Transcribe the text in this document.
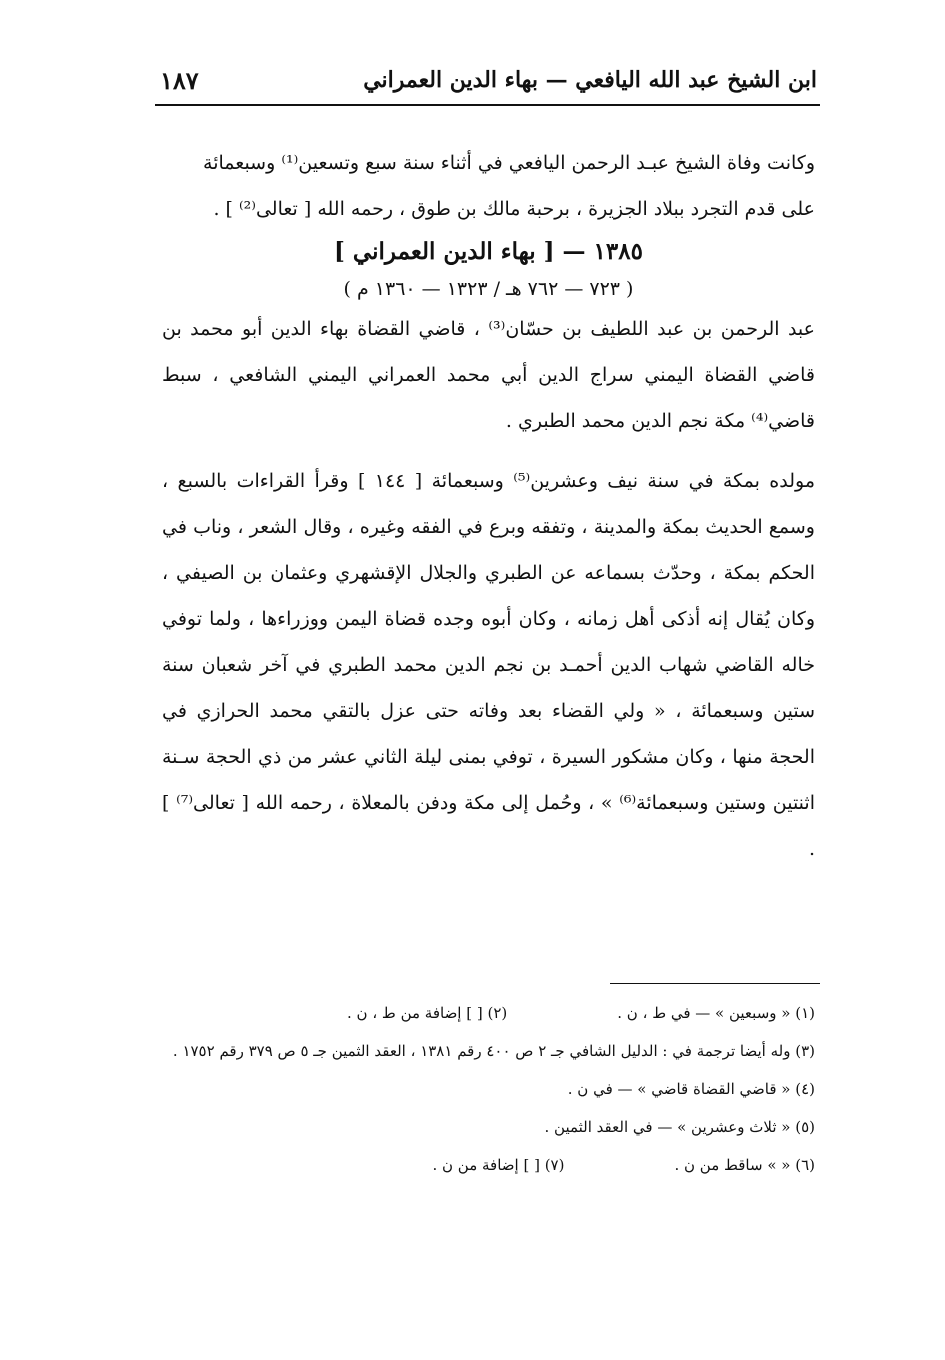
ابن الشيخ عبد الله اليافعي — بهاء الدين العمراني
١٨٧

وكانت وفاة الشيخ عبـد الرحمن اليافعي في أثناء سنة سبع وتسعين⁽¹⁾ وسبعمائة

على قدم التجرد ببلاد الجزيرة ، برحبة مالك بن طوق ، رحمه الله [ تعالى⁽²⁾ ] .

١٣٨٥ — [ بهاء الدين العمراني ]

( ٧٢٣ — ٧٦٢ هـ / ١٣٢٣ — ١٣٦٠ م )

عبد الرحمن بن عبد اللطيف بن حسّان⁽³⁾ ، قاضي القضاة بهاء الدين أبو محمد بن قاضي القضاة اليمني سراج الدين أبي محمد العمراني اليمني الشافعي ، سبط قاضي⁽⁴⁾ مكة نجم الدين محمد الطبري .

مولده بمكة في سنة نيف وعشرين⁽⁵⁾ وسبعمائة [ ١٤٤ ] وقرأ القراءات بالسبع ، وسمع الحديث بمكة والمدينة ، وتفقه وبرع في الفقه وغيره ، وقال الشعر ، وناب في الحكم بمكة ، وحدّث بسماعه عن الطبري والجلال الإقشهري وعثمان بن الصيفي ، وكان يُقال إنه أذكى أهل زمانه ، وكان أبوه وجده قضاة اليمن ووزراءها ، ولما توفي خاله القاضي شهاب الدين أحمـد بن نجم الدين محمد الطبري في آخر شعبان سنة ستين وسبعمائة ، « ولي القضاء بعد وفاته حتى عزل بالتقي محمد الحرازي في الحجة منها ، وكان مشكور السيرة ، توفي بمنى ليلة الثاني عشر من ذي الحجة سـنة اثنتين وستين وسبعمائة⁽⁶⁾ » ، وحُمل إلى مكة ودفن بالمعلاة ، رحمه الله [ تعالى⁽⁷⁾ ] .

(١) « وسبعين » — في ط ، ن .

(٢) [ ] إضافة من ط ، ن .

(٣) وله أيضا ترجمة في : الدليل الشافي جـ ٢ ص ٤٠٠ رقم ١٣٨١ ، العقد الثمين جـ ٥ ص ٣٧٩ رقم ١٧٥٢ .

(٤) « قاضي القضاة قاضي » — في ن .

(٥) « ثلاث وعشرين » — في العقد الثمين .

(٦) « » ساقط من ن .

(٧) [ ] إضافة من ن .
